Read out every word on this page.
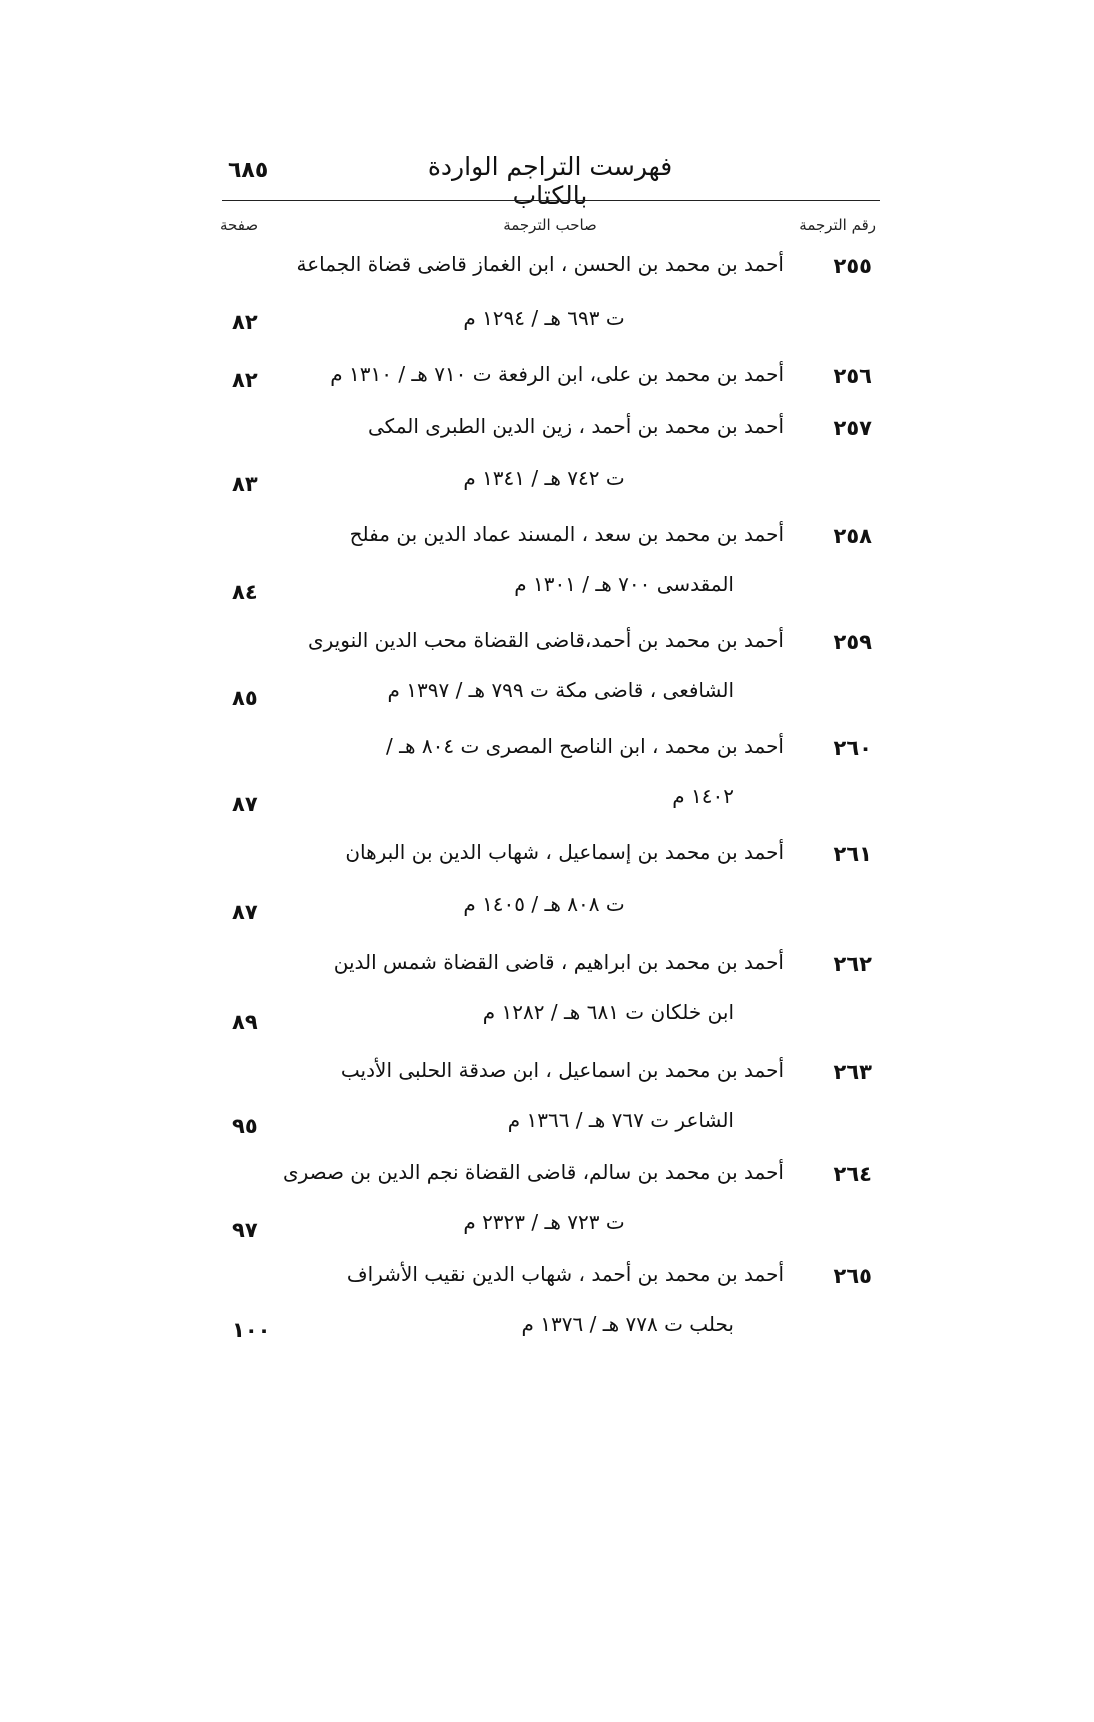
فهرست التراجم الواردة بالكتاب
٦٨٥
رقم الترجمة
صاحب الترجمة
صفحة
٢٥٥
أحمد بن محمد بن الحسن ، ابن الغماز قاضى قضاة الجماعة
ت ٦٩٣ هـ / ١٢٩٤ م
٨٢
٢٥٦
أحمد بن محمد بن على، ابن الرفعة ت ٧١٠ هـ / ١٣١٠ م
٨٢
٢٥٧
أحمد بن محمد بن أحمد ، زين الدين الطبرى المكى
ت ٧٤٢ هـ / ١٣٤١ م
٨٣
٢٥٨
أحمد بن محمد بن سعد ، المسند عماد الدين بن مفلح
المقدسى ٧٠٠ هـ / ١٣٠١ م
٨٤
٢٥٩
أحمد بن محمد بن أحمد،قاضى القضاة محب الدين النويرى
الشافعى ، قاضى مكة ت ٧٩٩ هـ / ١٣٩٧ م
٨٥
٢٦٠
أحمد بن محمد ، ابن الناصح المصرى ت ٨٠٤ هـ /
١٤٠٢ م
٨٧
٢٦١
أحمد بن محمد بن إسماعيل ، شهاب الدين بن البرهان
ت ٨٠٨ هـ / ١٤٠٥ م
٨٧
٢٦٢
أحمد بن محمد بن ابراهيم ، قاضى القضاة شمس الدين
ابن خلكان ت ٦٨١ هـ / ١٢٨٢ م
٨٩
٢٦٣
أحمد بن محمد بن اسماعيل ، ابن صدقة الحلبى الأديب
الشاعر ت ٧٦٧ هـ / ١٣٦٦ م
٩٥
٢٦٤
أحمد بن محمد بن سالم، قاضى القضاة نجم الدين بن صصرى
ت ٧٢٣ هـ / ٢٣٢٣ م
٩٧
٢٦٥
أحمد بن محمد بن أحمد ، شهاب الدين نقيب الأشراف
بحلب ت ٧٧٨ هـ / ١٣٧٦ م
١٠٠
